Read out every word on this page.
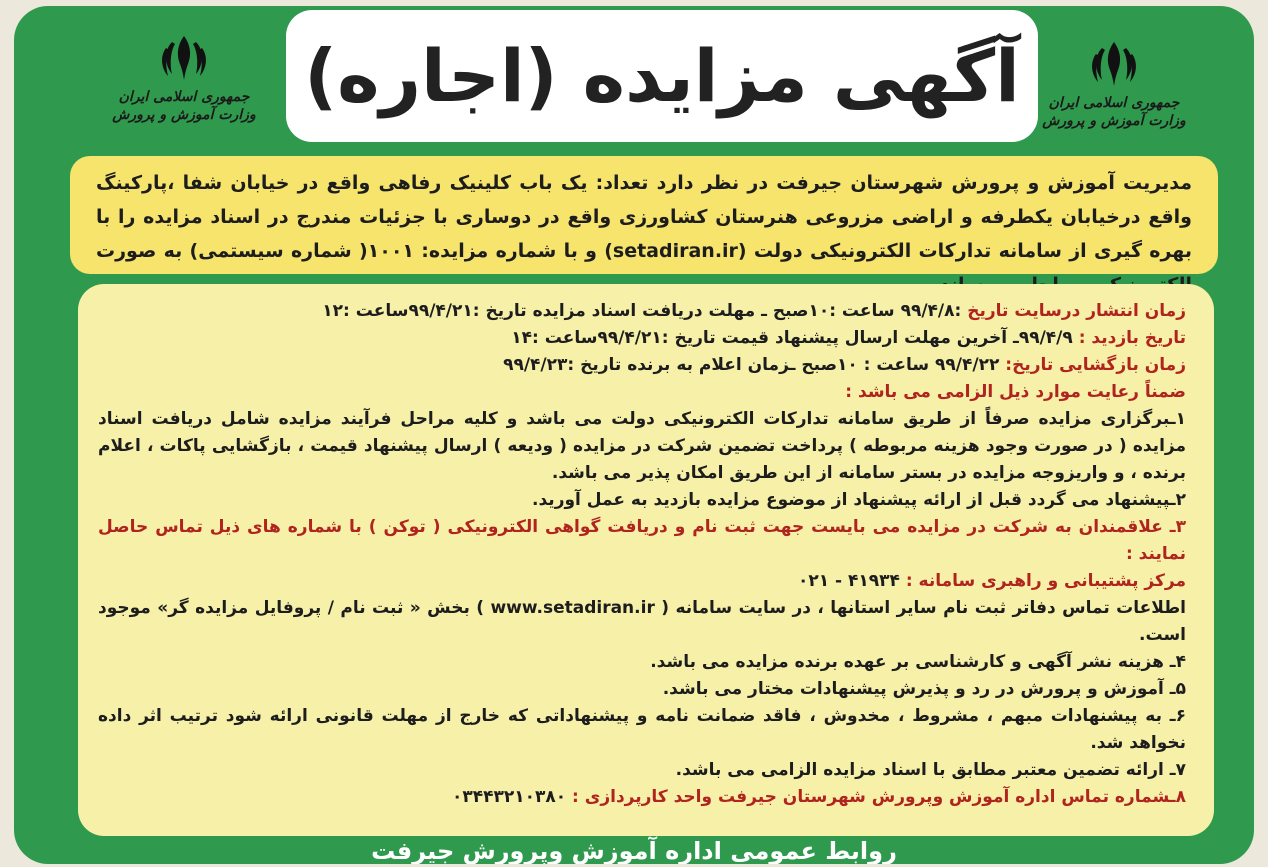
جمهوری اسلامی ایران
وزارت آموزش و پرورش آگهی مزایده (اجاره)	جمهوری اسلامی ایران
وزارت آموزش و پرورش
مدیریت آموزش و پرورش شهرستان جیرفت در نظر دارد تعداد: یک باب کلینیک رفاهی واقع در خیابان شفا ،پارکینگ واقع درخیابان یکطرفه و اراضی مزروعی هنرستان کشاورزی واقع در دوساری با جزئیات مندرج در اسناد مزایده را با بهره گیری از سامانه تدارکات الکترونیکی دولت (setadiran.ir) و با شماره مزایده: ۱۰۰۱( شماره سیستمی) به صورت

زمان انتشار درسایت تاریخ :۹۹/۴/۸ ساعت :۱۰صبح ـ مهلت دریافت اسناد مزایده تاریخ :۹۹/۴/۲۱ساعت :۱۲

تاریخ بازدید : ۹۹/۴/۹ـ آخرین مهلت ارسال پیشنهاد قیمت تاریخ :۹۹/۴/۲۱ساعت :۱۴

زمان بازگشایی تاریخ: ۹۹/۴/۲۲ ساعت : ۱۰صبح ـزمان اعلام به برنده تاریخ :۹۹/۴/۲۳

ضمناً رعایت موارد ذیل الزامی می باشد :

۱ـبرگزاری مزایده صرفاً از طریق سامانه تدارکات الکترونیکی دولت می باشد و کلیه مراحل فرآیند مزایده شامل دریافت اسناد مزایده ( در صورت وجود هزینه مربوطه ) پرداخت تضمین شرکت در مزایده ( ودیعه ) ارسال پیشنهاد قیمت ، بازگشایی پاکات ، اعلام برنده ، و واریزوجه مزایده در بستر سامانه از این طریق امکان پذیر می باشد.

۲ـپیشنهاد می گردد قبل از ارائه پیشنهاد از موضوع مزایده بازدید به عمل آورید.

۳ـ علاقمندان به شرکت در مزایده می بایست جهت ثبت نام و دریافت گواهی الکترونیکی ( توکن ) با شماره های ذیل تماس حاصل نمایند :

مرکز پشتیبانی و راهبری سامانه : ۴۱۹۳۴ - ۰۲۱

اطلاعات تماس دفاتر ثبت نام سایر استانها ، در سایت سامانه ( www.setadiran.ir ) بخش « ثبت نام / پروفایل مزایده گر» موجود است.

۴ـ هزینه نشر آگهی و کارشناسی بر عهده برنده مزایده می باشد.

۵ـ آموزش و پرورش در رد و پذیرش پیشنهادات مختار می باشد.

۶ـ به پیشنهادات مبهم ، مشروط ، مخدوش ، فاقد ضمانت نامه و پیشنهاداتی که خارج از مهلت قانونی ارائه شود ترتیب اثر داده نخواهد شد.

۷ـ ارائه تضمین معتبر مطابق با اسناد مزایده الزامی می باشد.

۸ـشماره تماس اداره آموزش وپرورش شهرستان جیرفت واحد کارپردازی : ۰۳۴۴۳۲۱۰۳۸۰

روابط عمومی اداره آموزش وپرورش جیرفت
